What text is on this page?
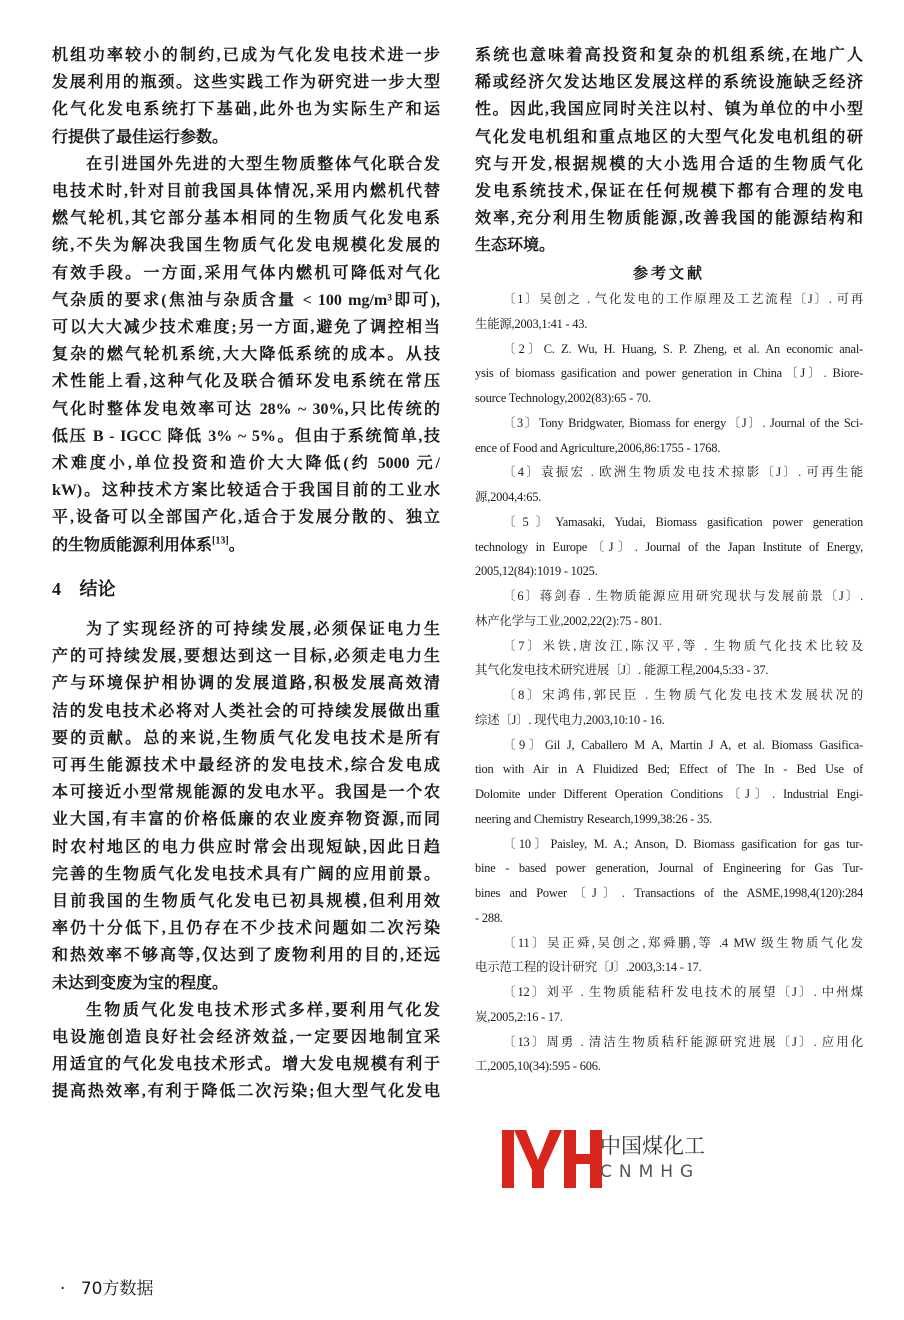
机组功率较小的制约,已成为气化发电技术进一步
发展利用的瓶颈。这些实践工作为研究进一步大型
化气化发电系统打下基础,此外也为实际生产和运
行提供了最佳运行参数。
在引进国外先进的大型生物质整体气化联合发
电技术时,针对目前我国具体情况,采用内燃机代替
燃气轮机,其它部分基本相同的生物质气化发电系
统,不失为解决我国生物质气化发电规模化发展的
有效手段。一方面,采用气体内燃机可降低对气化
气杂质的要求(焦油与杂质含量 < 100 mg/m³即可),
可以大大减少技术难度;另一方面,避免了调控相当
复杂的燃气轮机系统,大大降低系统的成本。从技
术性能上看,这种气化及联合循环发电系统在常压
气化时整体发电效率可达 28% ~ 30%,只比传统的
低压 B - IGCC 降低 3% ~ 5%。但由于系统简单,技
术难度小,单位投资和造价大大降低(约 5000 元/
kW)。这种技术方案比较适合于我国目前的工业水
平,设备可以全部国产化,适合于发展分散的、独立
的生物质能源利用体系[13]。
4 结论
为了实现经济的可持续发展,必须保证电力生
产的可持续发展,要想达到这一目标,必须走电力生
产与环境保护相协调的发展道路,积极发展高效清
洁的发电技术必将对人类社会的可持续发展做出重
要的贡献。总的来说,生物质气化发电技术是所有
可再生能源技术中最经济的发电技术,综合发电成
本可接近小型常规能源的发电水平。我国是一个农
业大国,有丰富的价格低廉的农业废弃物资源,而同
时农村地区的电力供应时常会出现短缺,因此日趋
完善的生物质气化发电技术具有广阔的应用前景。
目前我国的生物质气化发电已初具规模,但利用效
率仍十分低下,且仍存在不少技术问题如二次污染
和热效率不够高等,仅达到了废物利用的目的,还远
未达到变废为宝的程度。
生物质气化发电技术形式多样,要利用气化发
电设施创造良好社会经济效益,一定要因地制宜采
用适宜的气化发电技术形式。增大发电规模有利于
提高热效率,有利于降低二次污染;但大型气化发电
系统也意味着高投资和复杂的机组系统,在地广人
稀或经济欠发达地区发展这样的系统设施缺乏经济
性。因此,我国应同时关注以村、镇为单位的中小型
气化发电机组和重点地区的大型气化发电机组的研
究与开发,根据规模的大小选用合适的生物质气化
发电系统技术,保证在任何规模下都有合理的发电
效率,充分利用生物质能源,改善我国的能源结构和
生态环境。
参考文献
〔1〕吴创之 . 气化发电的工作原理及工艺流程〔J〕. 可再
生能源,2003,1:41 - 43.
〔2〕C. Z. Wu, H. Huang, S. P. Zheng, et al. An economic anal-
ysis of biomass gasification and power generation in China〔J〕. Biore-
source Technology,2002(83):65 - 70.
〔3〕Tony Bridgwater, Biomass for energy〔J〕. Journal of the Sci-
ence of Food and Agriculture,2006,86:1755 - 1768.
〔4〕袁振宏 . 欧洲生物质发电技术掠影〔J〕. 可再生能
源,2004,4:65.
〔5〕Yamasaki, Yudai, Biomass gasification power generation
technology in Europe〔J〕. Journal of the Japan Institute of Energy,
2005,12(84):1019 - 1025.
〔6〕蒋剑春 . 生物质能源应用研究现状与发展前景〔J〕.
林产化学与工业,2002,22(2):75 - 801.
〔7〕米铁,唐汝江,陈汉平,等 . 生物质气化技术比较及
其气化发电技术研究进展〔J〕. 能源工程,2004,5:33 - 37.
〔8〕宋鸿伟,郭民臣 . 生物质气化发电技术发展状况的
综述〔J〕. 现代电力,2003,10:10 - 16.
〔9〕Gil J, Caballero M A, Martin J A, et al. Biomass Gasifica-
tion with Air in A Fluidized Bed; Effect of The In - Bed Use of
Dolomite under Different Operation Conditions〔J〕. Industrial Engi-
neering and Chemistry Research,1999,38:26 - 35.
〔10〕Paisley, M. A.; Anson, D. Biomass gasification for gas tur-
bine - based power generation, Journal of Engineering for Gas Tur-
bines and Power〔J〕. Transactions of the ASME,1998,4(120):284
- 288.
〔11〕吴正舜,吴创之,郑舜鹏,等 .4 MW 级生物质气化发
电示范工程的设计研究〔J〕.2003,3:14 - 17.
〔12〕刘平 . 生物质能秸秆发电技术的展望〔J〕. 中州煤
炭,2005,2:16 - 17.
〔13〕周勇 . 清洁生物质秸秆能源研究进展〔J〕. 应用化
工,2005,10(34):595 - 606.
中国煤化工
CNMHG
· 70方数据
